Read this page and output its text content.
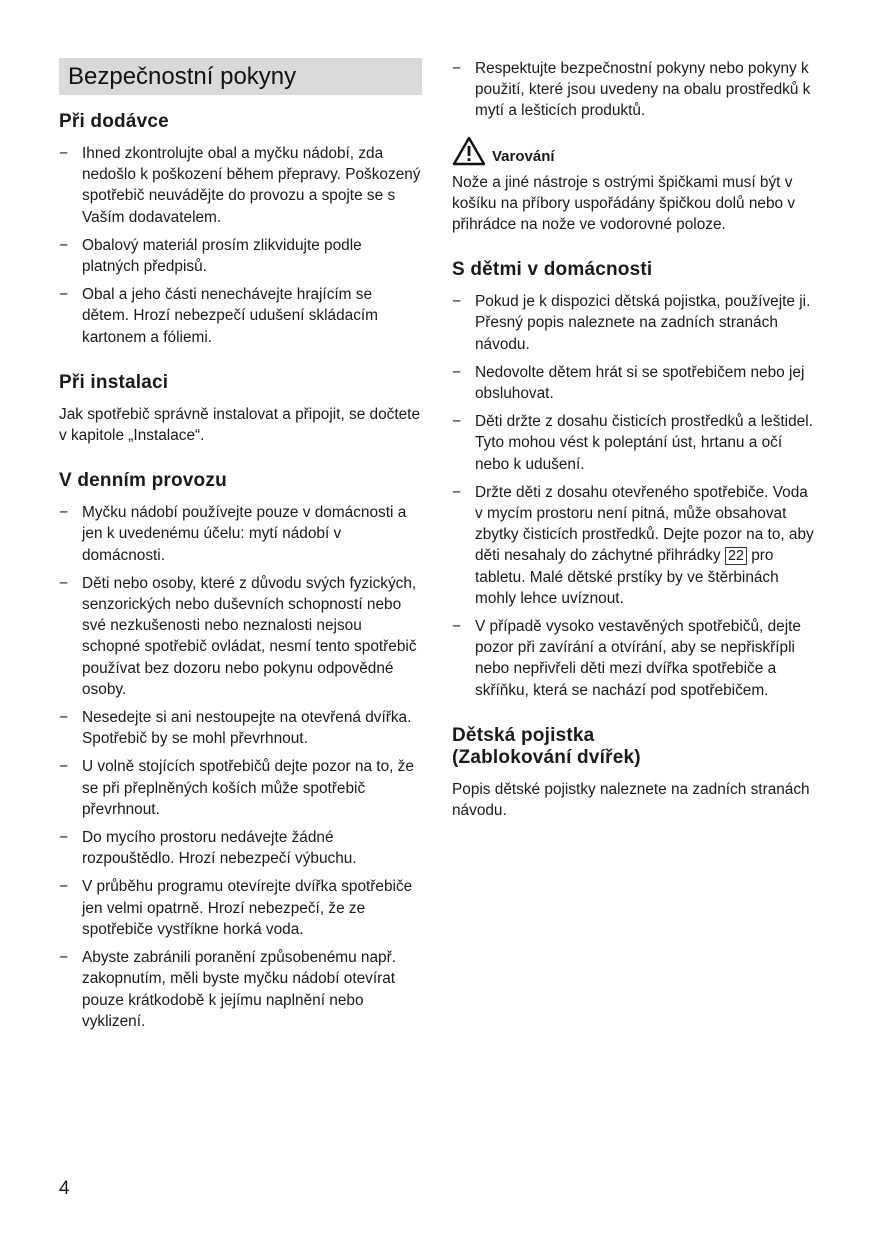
Bezpečnostní pokyny
Při dodávce
− Ihned zkontrolujte obal a myčku nádobí, zda nedošlo k poškození během přepravy. Poškozený spotřebič neuvádějte do provozu a spojte se s Vaším dodavatelem.
− Obalový materiál prosím zlikvidujte podle platných předpisů.
− Obal a jeho části nenechávejte hrajícím se dětem. Hrozí nebezpečí udušení skládacím kartonem a fóliemi.
Při instalaci

Jak spotřebič správně instalovat a připojit, se dočtete v kapitole „Instalace“.

V denním provozu
− Myčku nádobí používejte pouze v domácnosti a jen k uvedenému účelu: mytí nádobí v domácnosti.
− Děti nebo osoby, které z důvodu svých fyzických, senzorických nebo duševních schopností nebo své nezkušenosti nebo neznalosti nejsou schopné spotřebič ovládat, nesmí tento spotřebič používat bez dozoru nebo pokynu odpovědné osoby.
− Nesedejte si ani nestoupejte na otevřená dvířka. Spotřebič by se mohl převrhnout.
− U volně stojících spotřebičů dejte pozor na to, že se při přeplněných koších může spotřebič převrhnout.
− Do mycího prostoru nedávejte žádné rozpouštědlo. Hrozí nebezpečí výbuchu.
− V průběhu programu otevírejte dvířka spotřebiče jen velmi opatrně. Hrozí nebezpečí, že ze spotřebiče vystříkne horká voda.
− Abyste zabránili poranění způsobenému např. zakopnutím, měli byste myčku nádobí otevírat pouze krátkodobě k jejímu naplnění nebo vyklizení.
− Respektujte bezpečnostní pokyny nebo pokyny k použití, které jsou uvedeny na obalu prostředků k mytí a lešticích produktů.
Varování

Nože a jiné nástroje s ostrými špičkami musí být v košíku na příbory uspořádány špičkou dolů nebo v přihrádce na nože ve vodorovné poloze.

S dětmi v domácnosti
− Pokud je k dispozici dětská pojistka, používejte ji. Přesný popis naleznete na zadních stranách návodu.
− Nedovolte dětem hrát si se spotřebičem nebo jej obsluhovat.
− Děti držte z dosahu čisticích prostředků a leštidel. Tyto mohou vést k poleptání úst, hrtanu a očí nebo k udušení.
− Držte děti z dosahu otevřeného spotřebiče. Voda v mycím prostoru není pitná, může obsahovat zbytky čisticích prostředků. Dejte pozor na to, aby děti nesahaly do záchytné přihrádky 22 pro tabletu. Malé dětské prstíky by ve štěrbinách mohly lehce uvíznout.
− V případě vysoko vestavěných spotřebičů, dejte pozor při zavírání a otvírání, aby se nepřiskřípli nebo nepřivřeli děti mezi dvířka spotřebiče a skříňku, která se nachází pod spotřebičem.
Dětská pojistka
(Zablokování dvířek)

Popis dětské pojistky naleznete na zadních stranách návodu.

4
